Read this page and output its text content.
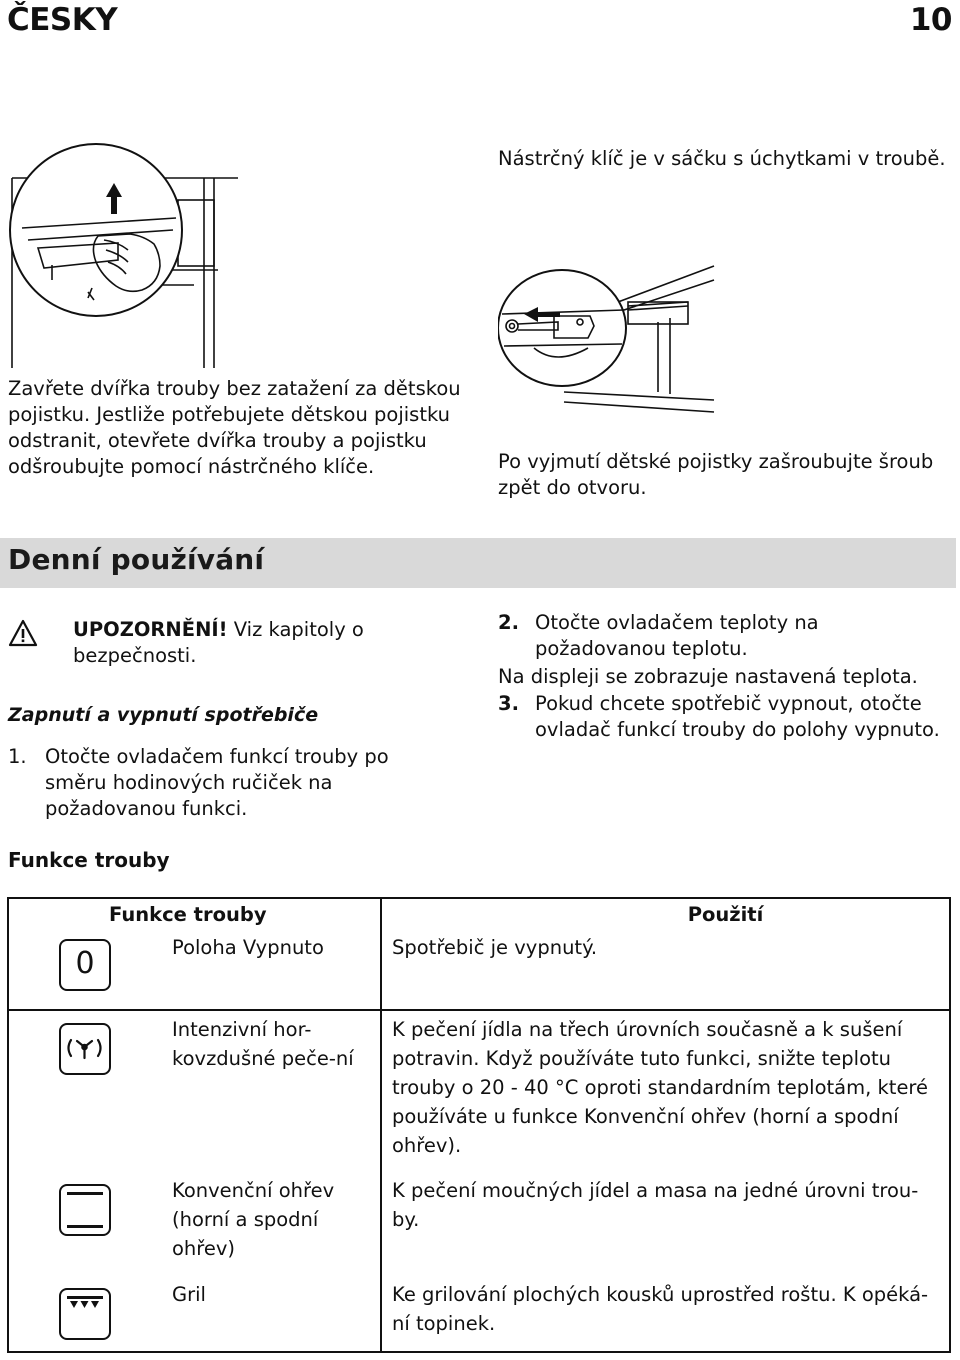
ČESKY	10
Nástrčný klíč je v sáčku s úchytkami v troubě.
Zavřete dvířka trouby bez zatažení za dětskou pojistku. Jestliže potřebujete dětskou pojistku odstranit, otevřete dvířka trouby a pojistku odšroubujte pomocí nástrčného klíče.	Po vyjmutí dětské pojistky zašroubujte šroub zpět do otvoru.
Denní používání
UPOZORNĚNÍ! Viz kapitoly o bezpečnosti.
Zapnutí a vypnutí spotřebiče
1. Otočte ovladačem funkcí trouby po směru hodinových ručiček na požadovanou funkci.
2. Otočte ovladačem teploty na požadovanou teplotu.
Na displeji se zobrazuje nastavená teplota.
3. Pokud chcete spotřebič vypnout, otočte ovladač funkcí trouby do polohy vypnuto.
Funkce trouby
Funkce trouby		Použití

0	Poloha Vypnuto	Spotřebič je vypnutý.

	Intenzivní hor-kovzdušné peče-ní	K pečení jídla na třech úrovních současně a k sušení potravin. Když používáte tuto funkci, snižte teplotu trouby o 20 - 40 °C oproti standardním teplotám, které používáte u funkce Konvenční ohřev (horní a spodní ohřev).

	Konvenční ohřev (horní a spodní ohřev)	K pečení moučných jídel a masa na jedné úrovni trou-by.

	Gril	Ke grilování plochých kousků uprostřed roštu. K opéká-ní topinek.
